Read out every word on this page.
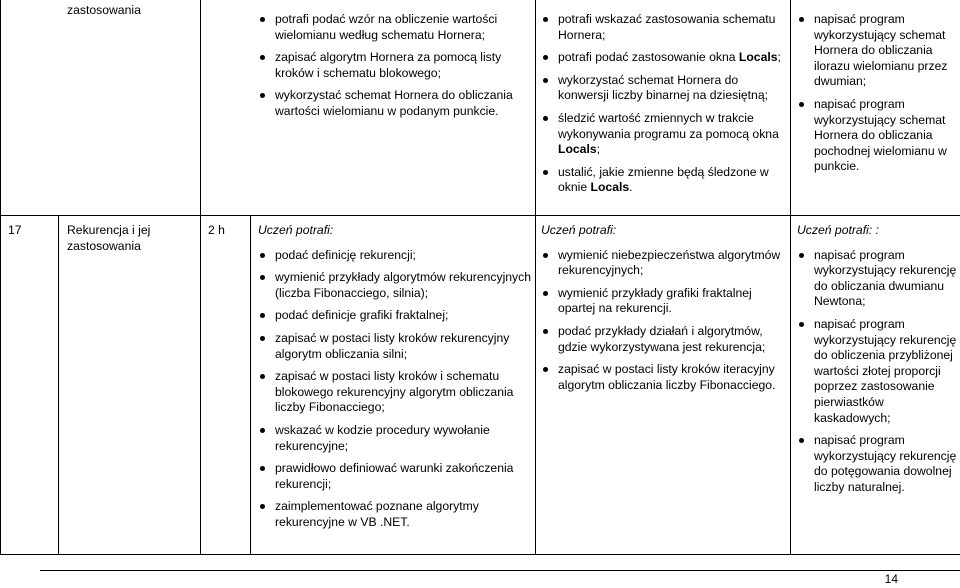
zastosowania
potrafi podać wzór na obliczenie wartości wielomianu według schematu Hornera;
zapisać algorytm Hornera za pomocą listy kroków i schematu blokowego;
wykorzystać schemat Hornera do obliczania wartości wielomianu w podanym punkcie.
potrafi wskazać zastosowania schematu Hornera;
potrafi podać zastosowanie okna Locals;
wykorzystać schemat Hornera do konwersji liczby binarnej na dziesiętną;
śledzić wartość zmiennych w trakcie wykonywania programu za pomocą okna Locals;
ustalić, jakie zmienne będą śledzone w oknie Locals.
napisać program wykorzystujący schemat Hornera do obliczania ilorazu wielomianu przez dwumian;
napisać program wykorzystujący schemat Hornera do obliczania pochodnej wielomianu w punkcie.
17	Rekurencja i jej zastosowania
2 h	Uczeń potrafi:
podać definicję rekurencji;
wymienić przykłady algorytmów rekurencyjnych (liczba Fibonacciego, silnia);
podać definicje grafiki fraktalnej;
zapisać w postaci listy kroków rekurencyjny algorytm obliczania silni;
zapisać w postaci listy kroków i schematu blokowego rekurencyjny algorytm obliczania liczby Fibonacciego;
wskazać w kodzie procedury wywołanie rekurencyjne;
prawidłowo definiować warunki zakończenia rekurencji;
zaimplementować poznane algorytmy rekurencyjne w VB .NET.
Uczeń potrafi:
wymienić niebezpieczeństwa algorytmów rekurencyjnych;
wymienić przykłady grafiki fraktalnej opartej na rekurencji.
podać przykłady działań i algorytmów, gdzie wykorzystywana jest rekurencja;
zapisać w postaci listy kroków iteracyjny algorytm obliczania liczby Fibonacciego.
Uczeń potrafi: :
napisać program wykorzystujący rekurencję do obliczania dwumianu Newtona;
napisać program wykorzystujący rekurencję do obliczenia przybliżonej wartości złotej proporcji poprzez zastosowanie pierwiastków kaskadowych;
napisać program wykorzystujący rekurencję do potęgowania dowolnej liczby naturalnej.
14
